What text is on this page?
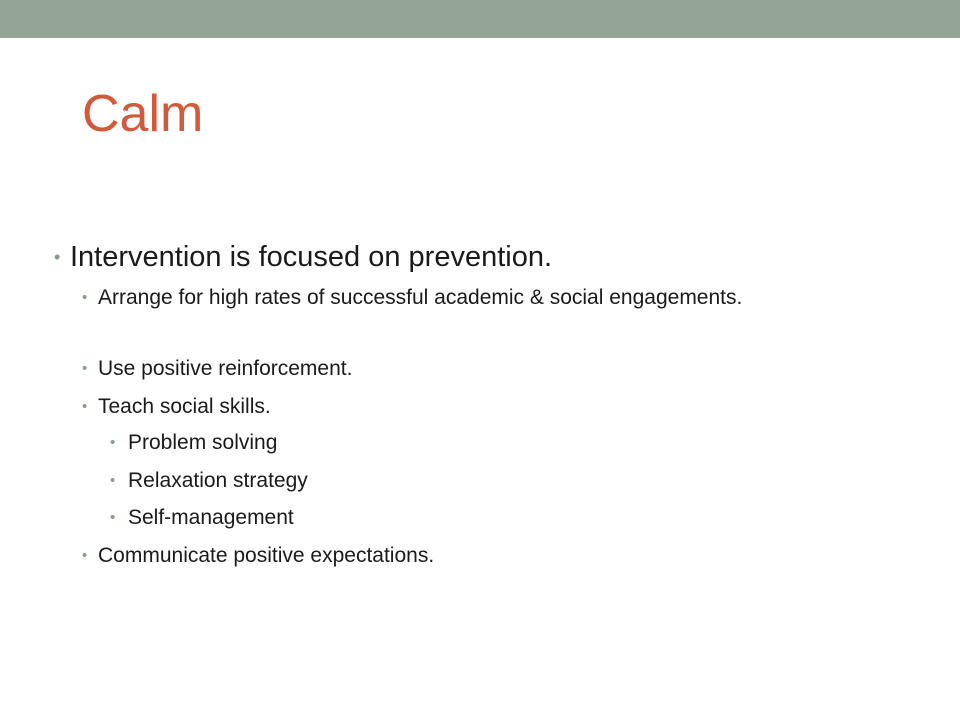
Calm
• Intervention is focused on prevention.
• Arrange for high rates of successful academic & social engagements.
• Use positive reinforcement.
• Teach social skills.
• Problem solving
• Relaxation strategy
• Self-management
• Communicate positive expectations.
